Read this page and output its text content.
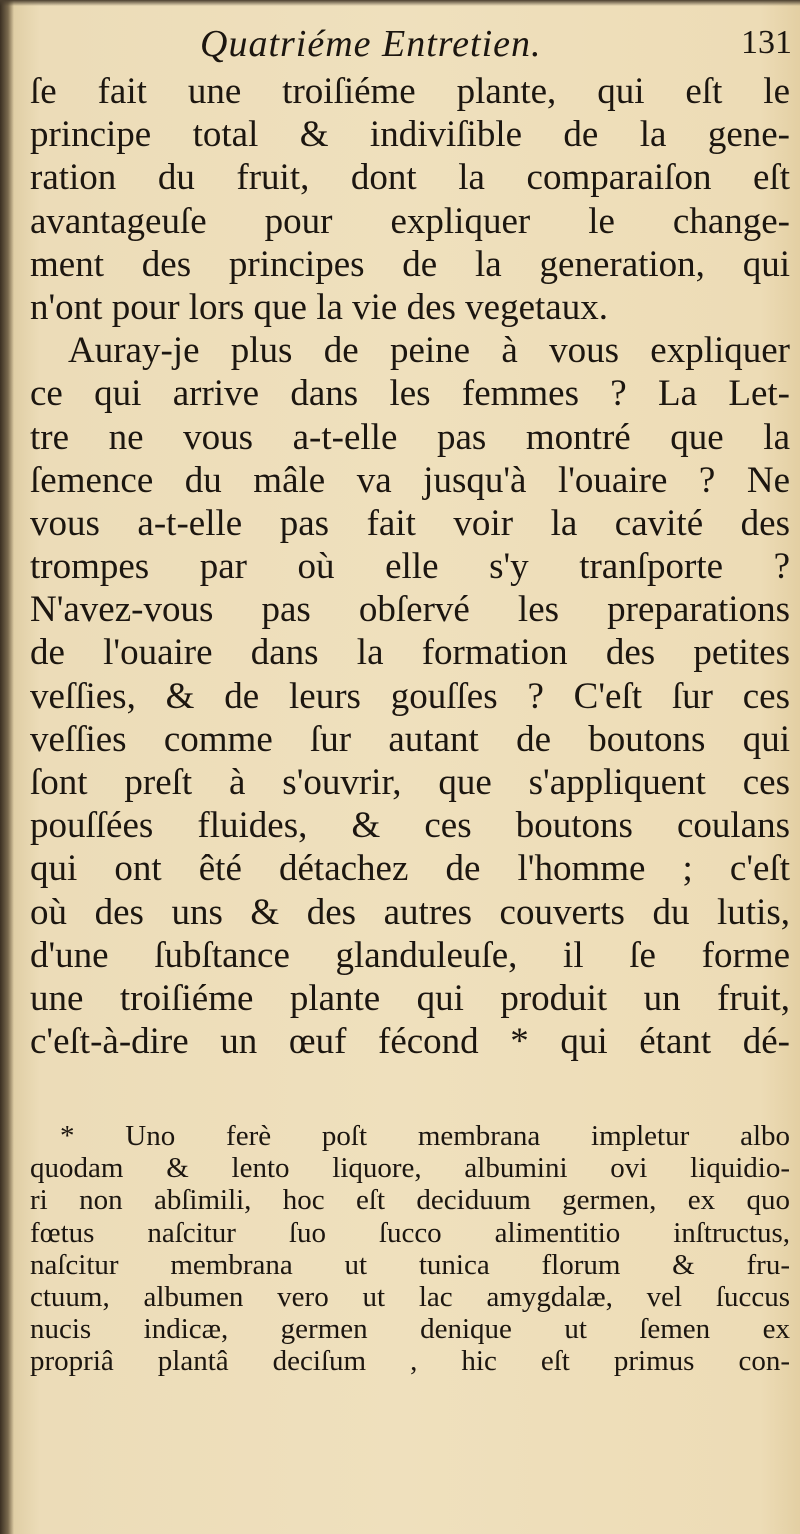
Quatriéme Entretien.	131
ſe fait une troiſiéme plante, qui eſt le
principe total & indiviſible de la gene-
ration du fruit, dont la comparaiſon eſt
avantageuſe pour expliquer le change-
ment des principes de la generation, qui
n'ont pour lors que la vie des vegetaux.
Auray-je plus de peine à vous expliquer
ce qui arrive dans les femmes ? La Let-
tre ne vous a-t-elle pas montré que la
ſemence du mâle va jusqu'à l'ouaire ? Ne
vous a-t-elle pas fait voir la cavité des
trompes par où elle s'y tranſporte ?
N'avez-vous pas obſervé les preparations
de l'ouaire dans la formation des petites
veſſies, & de leurs gouſſes ? C'eſt ſur ces
veſſies comme ſur autant de boutons qui
ſont preſt à s'ouvrir, que s'appliquent ces
pouſſées fluides, & ces boutons coulans
qui ont êté détachez de l'homme ; c'eſt
où des uns & des autres couverts du lutis,
d'une ſubſtance glanduleuſe, il ſe forme
une troiſiéme plante qui produit un fruit,
c'eſt-à-dire un œuf fécond * qui étant dé-
* Uno ferè poſt membrana impletur albo
quodam & lento liquore, albumini ovi liquidio-
ri non abſimili, hoc eſt deciduum germen, ex quo
fœtus naſcitur ſuo ſucco alimentitio inſtructus,
naſcitur membrana ut tunica florum & fru-
ctuum, albumen vero ut lac amygdalæ, vel ſuccus
nucis indicæ, germen denique ut ſemen ex
propriâ plantâ deciſum , hic eſt primus con-
